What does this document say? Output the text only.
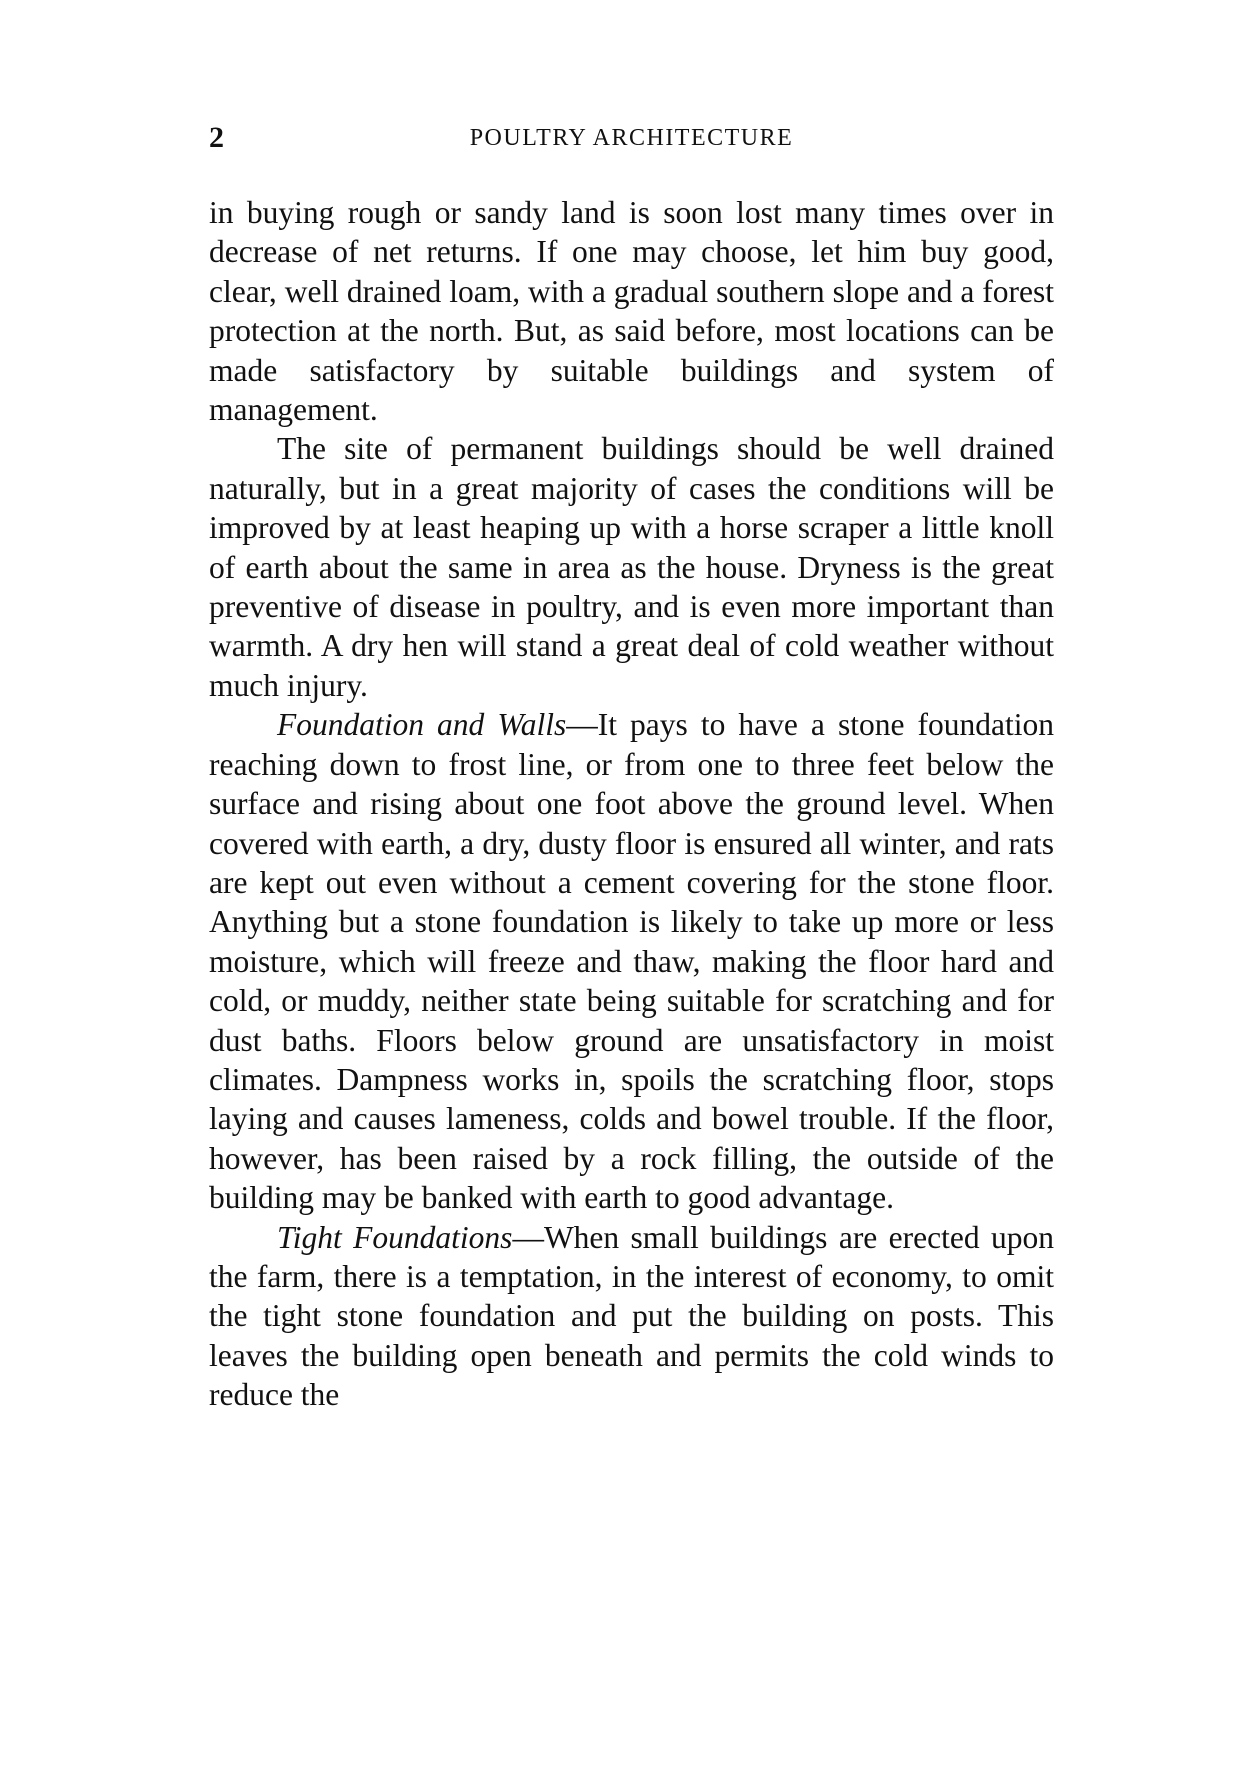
2	POULTRY ARCHITECTURE

in buying rough or sandy land is soon lost many times over in decrease of net returns. If one may choose, let him buy good, clear, well drained loam, with a gradual southern slope and a forest protection at the north. But, as said before, most locations can be made satisfactory by suitable buildings and system of management.

The site of permanent buildings should be well drained naturally, but in a great majority of cases the conditions will be improved by at least heaping up with a horse scraper a little knoll of earth about the same in area as the house. Dryness is the great preventive of disease in poultry, and is even more important than warmth. A dry hen will stand a great deal of cold weather without much injury.

Foundation and Walls—It pays to have a stone foundation reaching down to frost line, or from one to three feet below the surface and rising about one foot above the ground level. When covered with earth, a dry, dusty floor is ensured all winter, and rats are kept out even without a cement covering for the stone floor. Anything but a stone foundation is likely to take up more or less moisture, which will freeze and thaw, making the floor hard and cold, or muddy, neither state being suitable for scratching and for dust baths. Floors below ground are unsatisfactory in moist climates. Dampness works in, spoils the scratching floor, stops laying and causes lameness, colds and bowel trouble. If the floor, however, has been raised by a rock filling, the outside of the building may be banked with earth to good advantage.

Tight Foundations—When small buildings are erected upon the farm, there is a temptation, in the interest of economy, to omit the tight stone foundation and put the building on posts. This leaves the building open beneath and permits the cold winds to reduce the
